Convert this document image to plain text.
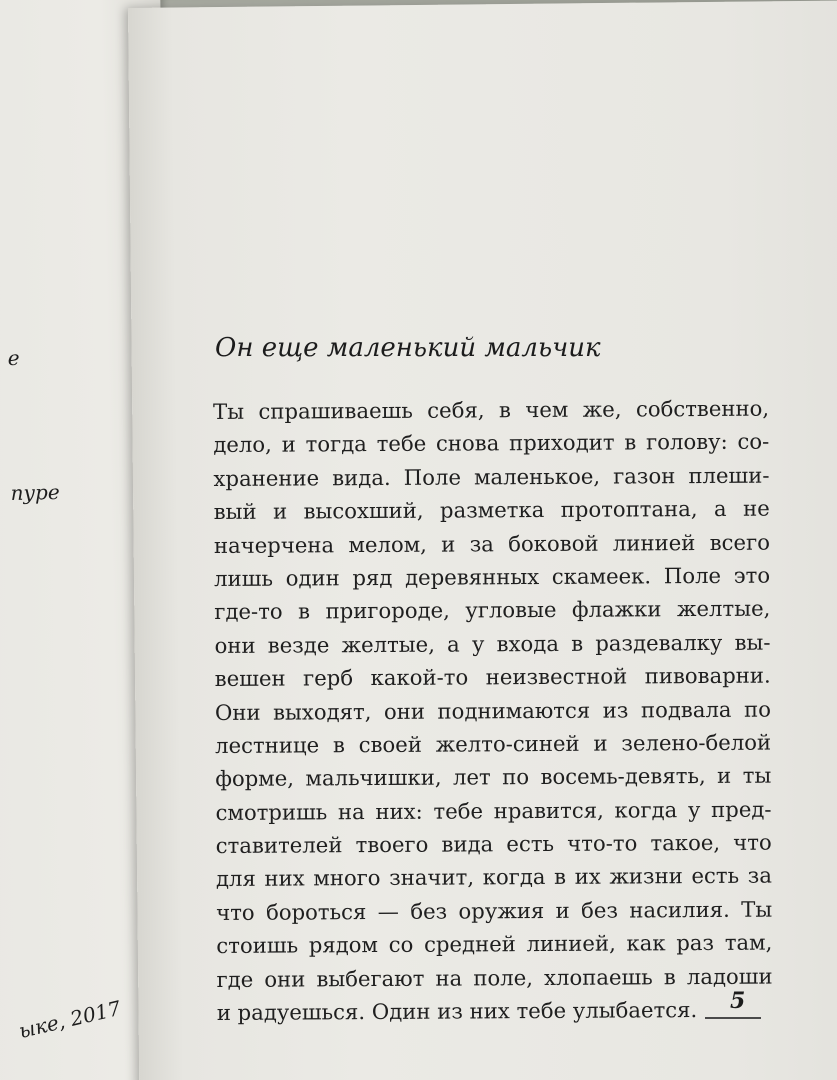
е
пуре
ыке, 2017
Он еще маленький мальчик
Ты спрашиваешь себя, в чем же, собственно,
дело, и тогда тебе снова приходит в голову: со-
хранение вида. Поле маленькое, газон плеши-
вый и высохший, разметка протоптана, а не
начерчена мелом, и за боковой линией всего
лишь один ряд деревянных скамеек. Поле это
где-то в пригороде, угловые флажки желтые,
они везде желтые, а у входа в раздевалку вы-
вешен герб какой-то неизвестной пивоварни.
Они выходят, они поднимаются из подвала по
лестнице в своей желто-синей и зелено-белой
форме, мальчишки, лет по восемь-девять, и ты
смотришь на них: тебе нравится, когда у пред-
ставителей твоего вида есть что-то такое, что
для них много значит, когда в их жизни есть за
что бороться — без оружия и без насилия. Ты
стоишь рядом со средней линией, как раз там,
где они выбегают на поле, хлопаешь в ладоши
и радуешься. Один из них тебе улыбается.	5
